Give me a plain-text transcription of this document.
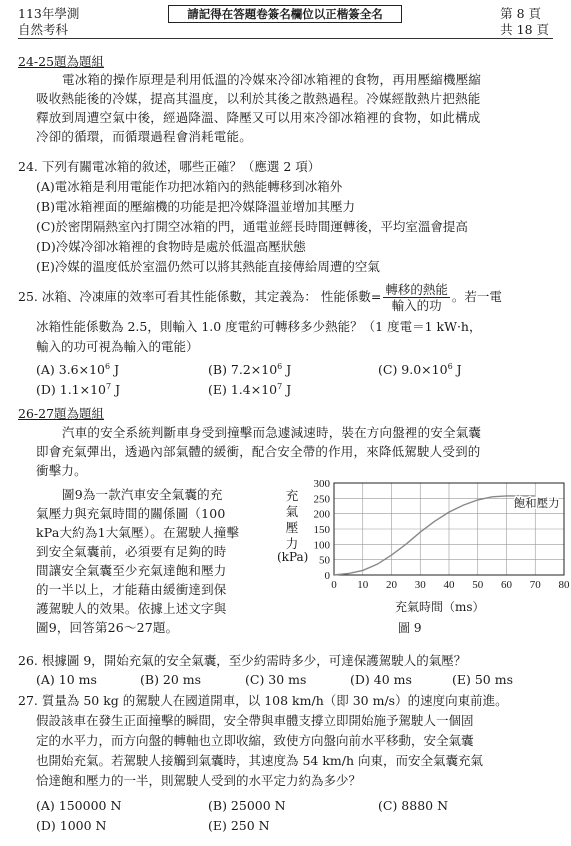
113年學測
自然考科
請記得在答題卷簽名欄位以正楷簽全名	第 8 頁
共 18 頁
24-25題為題組

電冰箱的操作原理是利用低溫的冷媒來冷卻冰箱裡的食物，再用壓縮機壓縮

吸收熱能後的冷媒，提高其溫度，以利於其後之散熱過程。冷媒經散熱片把熱能

釋放到周遭空氣中後，經過降溫、降壓又可以用來冷卻冰箱裡的食物，如此構成

冷卻的循環，而循環過程會消耗電能。

24. 下列有關電冰箱的敘述，哪些正確？（應選 2 項）
(A)電冰箱是利用電能作功把冰箱內的熱能轉移到冰箱外
(B)電冰箱裡面的壓縮機的功能是把冷媒降溫並增加其壓力
(C)於密閉隔熱室內打開空冰箱的門，通電並經長時間運轉後，平均室溫會提高
(D)冷媒冷卻冰箱裡的食物時是處於低溫高壓狀態
(E)冷媒的溫度低於室溫仍然可以將其熱能直接傳給周遭的空氣
25. 冰箱、冷凍庫的效率可看其性能係數，其定義為： 性能係數= $\frac{\text{轉移的熱能}}{\text{輸入的功}}$ 。若一電
冰箱性能係數為 2.5，則輸入 1.0 度電約可轉移多少熱能？（1 度電＝1 kW·h，
輸入的功可視為輸入的電能）
(A) $3.6\times 10^6$ J	(B) $7.2\times 10^6$ J	(C) $9.0\times 10^6$ J
(D) $1.1\times 10^7$ J	(E) $1.4\times 10^7$ J
26-27題為題組

汽車的安全系統判斷車身受到撞擊而急遽減速時，裝在方向盤裡的安全氣囊

即會充氣彈出，透過內部氣體的緩衝，配合安全帶的作用，來降低駕駛人受到的

衝擊力。

圖9為一款汽車安全氣囊的充

氣壓力與充氣時間的關係圖（100

kPa大約為1大氣壓）。在駕駛人撞擊

到安全氣囊前，必須要有足夠的時

間讓安全氣囊至少充氣達飽和壓力

的一半以上，才能藉由緩衝達到保

護駕駛人的效果。依據上述文字與

圖9，回答第26～27題。

充
氣
壓
力
(kPa)
0 10 20 30 40 50 60 70 80
0
50
100
150
200
250
300
飽和壓力
充氣時間（ms）
圖 9
26. 根據圖 9，開始充氣的安全氣囊，至少約需時多少，可達保護駕駛人的氣壓？
(A) 10 ms	(B) 20 ms	(C) 30 ms	(D) 40 ms	(E) 50 ms
27. 質量為 50 kg 的駕駛人在國道開車，以 108 km/h（即 30 m/s）的速度向東前進。
假設該車在發生正面撞擊的瞬間，安全帶與車體支撐立即開始施予駕駛人一個固
定的水平力，而方向盤的轉軸也立即收縮，致使方向盤向前水平移動，安全氣囊
也開始充氣。若駕駛人接觸到氣囊時，其速度為 54 km/h 向東，而安全氣囊充氣
恰達飽和壓力的一半，則駕駛人受到的水平定力約為多少？
(A) 150000 N	(B) 25000 N	(C) 8880 N
(D) 1000 N	(E) 250 N
